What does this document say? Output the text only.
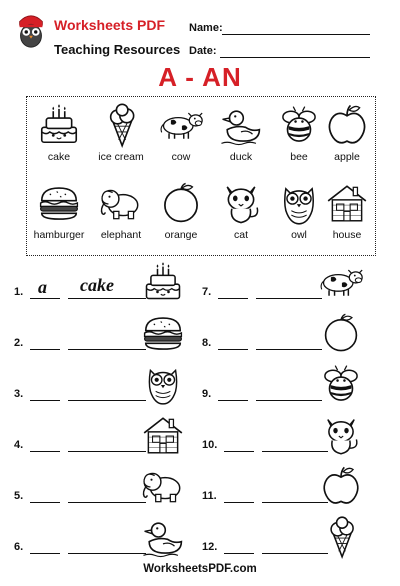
Worksheets PDF
Teaching Resources
Name:
Date:
A - AN
cake	ice cream	cow	duck	bee	apple
hamburger	elephant	orange	cat	owl	house
1. a cake
2.
3.
4.
5.
6.
7.
8.
9.
10.
11.
12.
WorksheetsPDF.com
